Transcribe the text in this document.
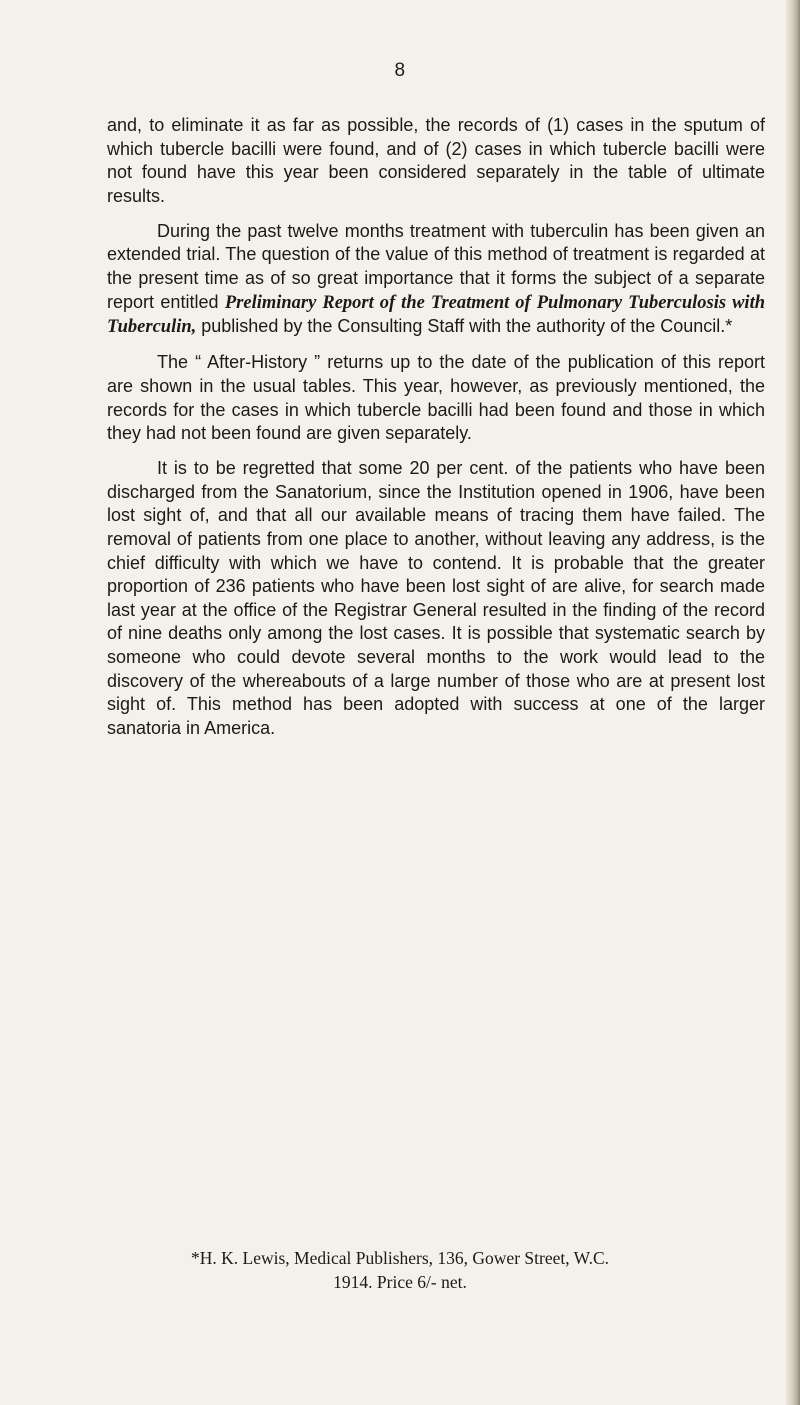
8

and, to eliminate it as far as possible, the records of (1) cases in the sputum of which tubercle bacilli were found, and of (2) cases in which tubercle bacilli were not found have this year been considered separately in the table of ultimate results.

During the past twelve months treatment with tuberculin has been given an extended trial. The question of the value of this method of treatment is regarded at the present time as of so great importance that it forms the subject of a separate report entitled Preliminary Report of the Treatment of Pulmonary Tuberculosis with Tuberculin, published by the Consulting Staff with the authority of the Council.*

The “ After-History ” returns up to the date of the publication of this report are shown in the usual tables. This year, however, as previously mentioned, the records for the cases in which tubercle bacilli had been found and those in which they had not been found are given separately.

It is to be regretted that some 20 per cent. of the patients who have been discharged from the Sanatorium, since the Institution opened in 1906, have been lost sight of, and that all our available means of tracing them have failed. The removal of patients from one place to another, without leaving any address, is the chief difficulty with which we have to contend. It is probable that the greater proportion of 236 patients who have been lost sight of are alive, for search made last year at the office of the Registrar General resulted in the finding of the record of nine deaths only among the lost cases. It is possible that systematic search by someone who could devote several months to the work would lead to the discovery of the whereabouts of a large number of those who are at present lost sight of. This method has been adopted with success at one of the larger sanatoria in America.

*H. K. Lewis, Medical Publishers, 136, Gower Street, W.C.
1914. Price 6/- net.
